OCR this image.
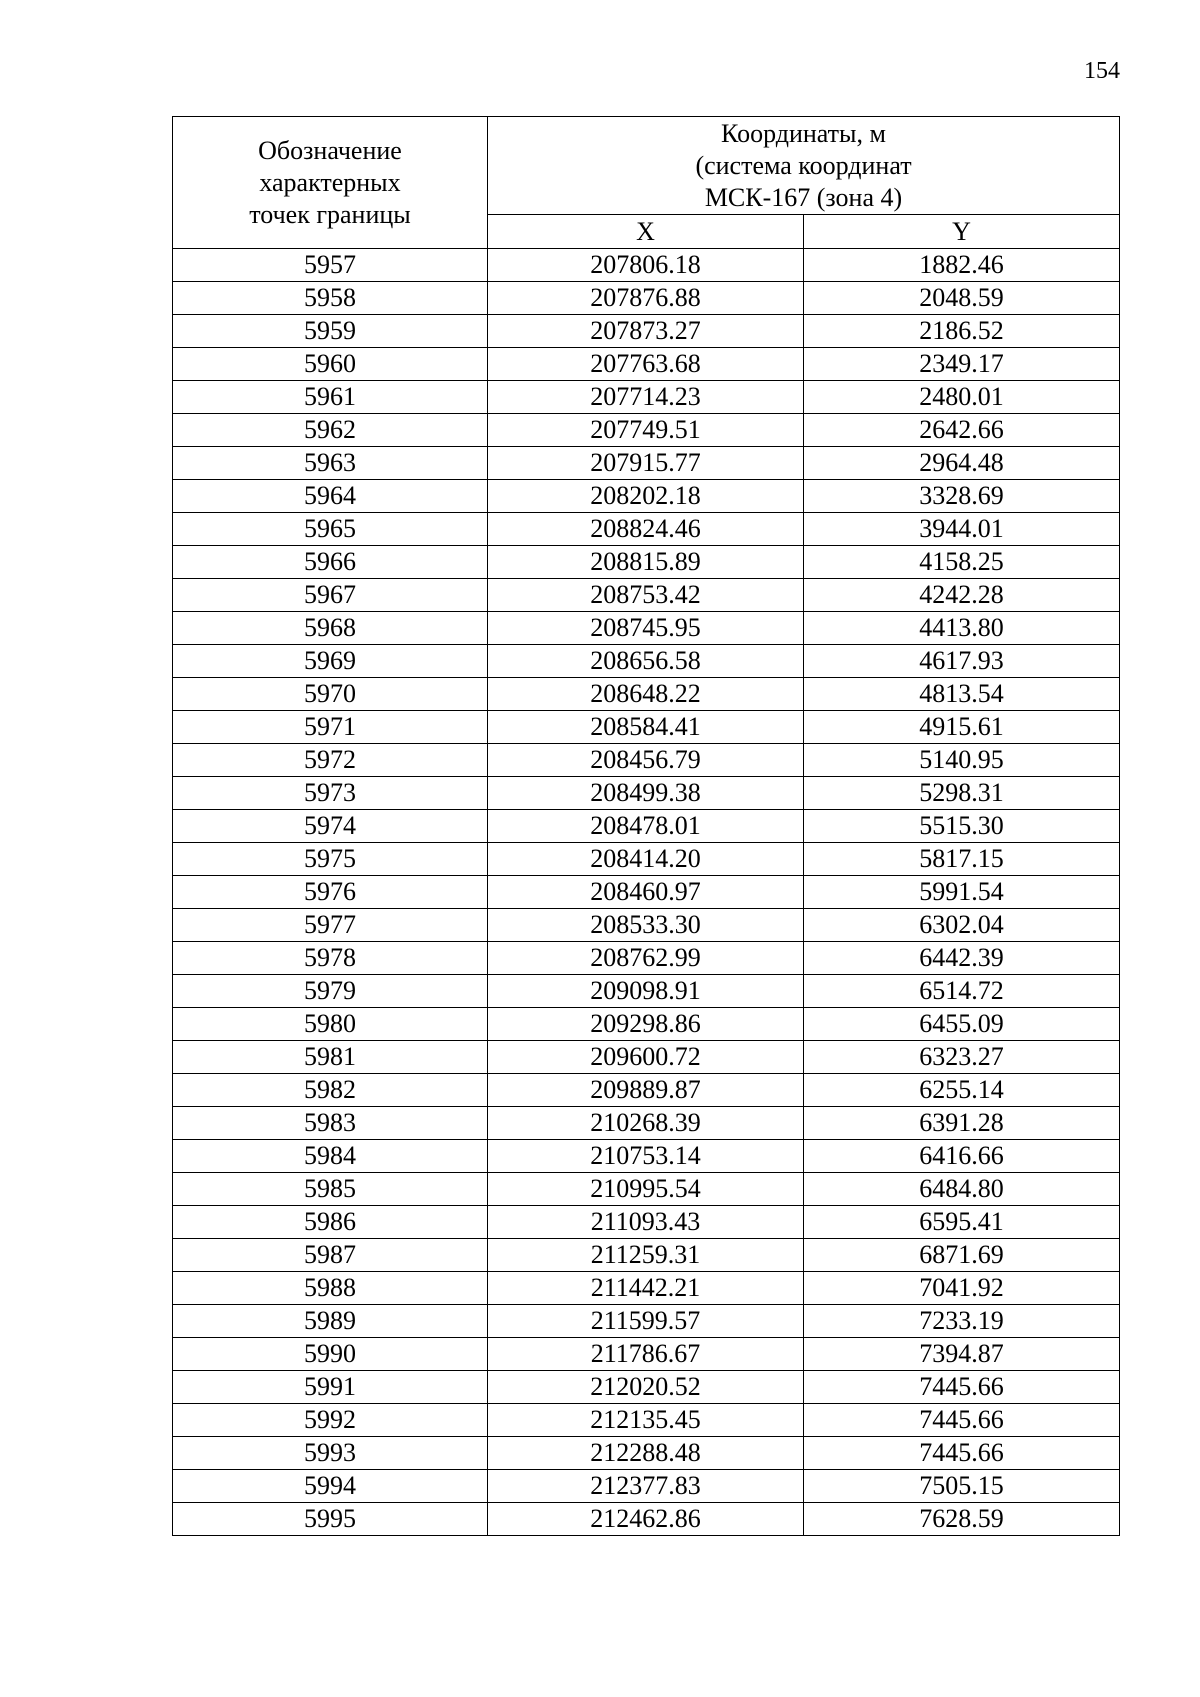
154
Обозначение
характерных
точек границы	Координаты, м
(система координат
МСК-167 (зона 4)	

	X	Y
5957	207806.18	1882.46
5958	207876.88	2048.59
5959	207873.27	2186.52
5960	207763.68	2349.17
5961	207714.23	2480.01
5962	207749.51	2642.66
5963	207915.77	2964.48
5964	208202.18	3328.69
5965	208824.46	3944.01
5966	208815.89	4158.25
5967	208753.42	4242.28
5968	208745.95	4413.80
5969	208656.58	4617.93
5970	208648.22	4813.54
5971	208584.41	4915.61
5972	208456.79	5140.95
5973	208499.38	5298.31
5974	208478.01	5515.30
5975	208414.20	5817.15
5976	208460.97	5991.54
5977	208533.30	6302.04
5978	208762.99	6442.39
5979	209098.91	6514.72
5980	209298.86	6455.09
5981	209600.72	6323.27
5982	209889.87	6255.14
5983	210268.39	6391.28
5984	210753.14	6416.66
5985	210995.54	6484.80
5986	211093.43	6595.41
5987	211259.31	6871.69
5988	211442.21	7041.92
5989	211599.57	7233.19
5990	211786.67	7394.87
5991	212020.52	7445.66
5992	212135.45	7445.66
5993	212288.48	7445.66
5994	212377.83	7505.15
5995	212462.86	7628.59
